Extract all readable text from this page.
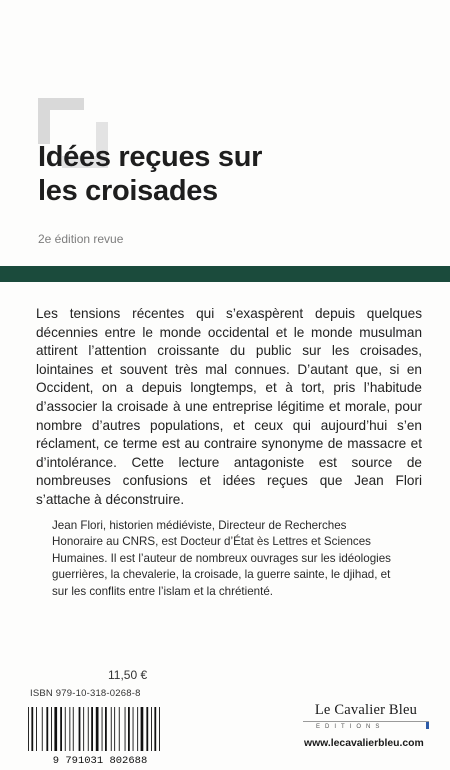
Idées reçues sur
les croisades
2e édition revue

Les tensions récentes qui s’exaspèrent depuis quelques décennies entre le monde occidental et le monde musulman attirent l’attention croissante du public sur les croisades, lointaines et souvent très mal connues. D’autant que, si en Occident, on a depuis longtemps, et à tort, pris l’habitude d’associer la croisade à une entreprise légitime et morale, pour nombre d’autres populations, et ceux qui aujourd’hui s’en réclament, ce terme est au contraire synonyme de massacre et d’intolérance. Cette lecture antagoniste est source de nombreuses confusions et idées reçues que Jean Flori s’attache à déconstruire.

Jean Flori, historien médiéviste, Directeur de Recherches Honoraire au CNRS, est Docteur d’État ès Lettres et Sciences Humaines. Il est l’auteur de nombreux ouvrages sur les idéologies guerrières, la chevalerie, la croisade, la guerre sainte, le djihad, et sur les conflits entre l’islam et la chrétienté.

11,50 €
ISBN 979-10-318-0268-8
9 791031 802688
Le Cavalier Bleu
EDITIONS
www.lecavalierbleu.com
